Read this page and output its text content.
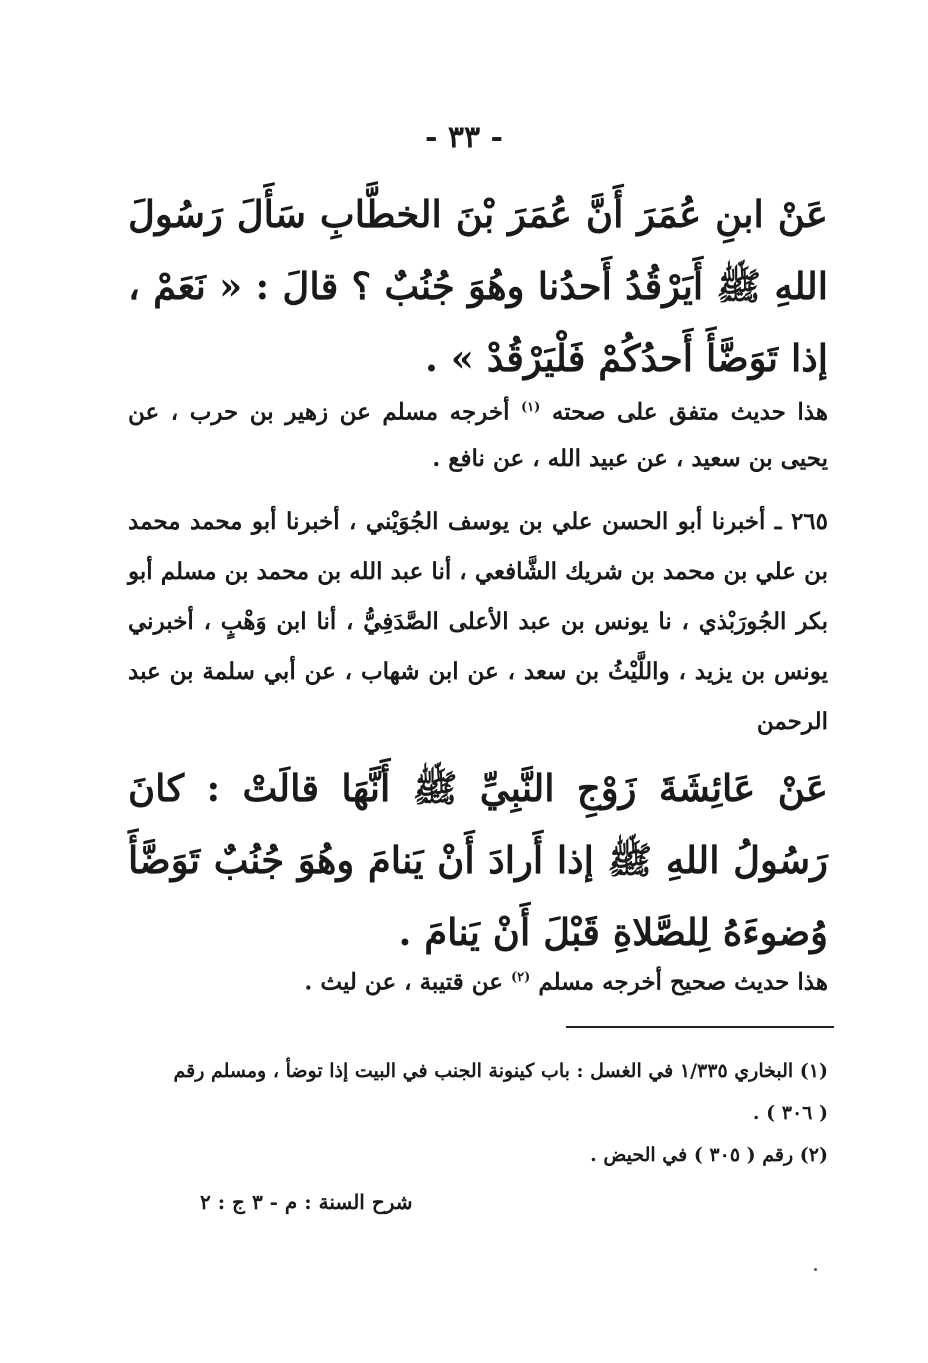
- ٣٣ -
عَنْ ابنِ عُمَرَ أَنَّ عُمَرَ بْنَ الخطَّابِ سَأَلَ رَسُولَ اللهِ ﷺ أَيَرْقُدُ أَحدُنا وهُوَ جُنُبٌ ؟ قالَ : « نَعَمْ ، إذا تَوَضَّأَ أَحدُكُمْ فَلْيَرْقُدْ » .
هذا حديث متفق على صحته $^{(١)}$ أخرجه مسلم عن زهير بن حرب ، عن يحيى بن سعيد ، عن عبيد الله ، عن نافع .
٢٦٥ ـ أخبرنا أبو الحسن علي بن يوسف الجُوَيْني ، أخبرنا أبو محمد محمد بن علي بن محمد بن شريك الشَّافعي ، أنا عبد الله بن محمد بن مسلم أبو بكر الجُورَبْذي ، نا يونس بن عبد الأعلى الصَّدَفِيُّ ، أنا ابن وَهْبٍ ، أخبرني يونس بن يزيد ، واللَّيْثُ بن سعد ، عن ابن شهاب ، عن أبي سلمة بن عبد الرحمن
عَنْ عَائِشَةَ زَوْجِ النَّبِيِّ ﷺ أَنَّهَا قالَتْ : كانَ رَسُولُ اللهِ ﷺ إذا أَرادَ أَنْ يَنامَ وهُوَ جُنُبٌ تَوَضَّأَ وُضوءَهُ لِلصَّلاةِ قَبْلَ أَنْ يَنامَ .
هذا حديث صحيح أخرجه مسلم $^{(٢)}$ عن قتيبة ، عن ليث .
(١) البخاري ١/٣٣٥ في الغسل : باب كينونة الجنب في البيت إذا توضأ ، ومسلم رقم ( ٣٠٦ ) .
(٢) رقم ( ٣٠٥ ) في الحيض .
شرح السنة : م - ٣ ج : ٢
